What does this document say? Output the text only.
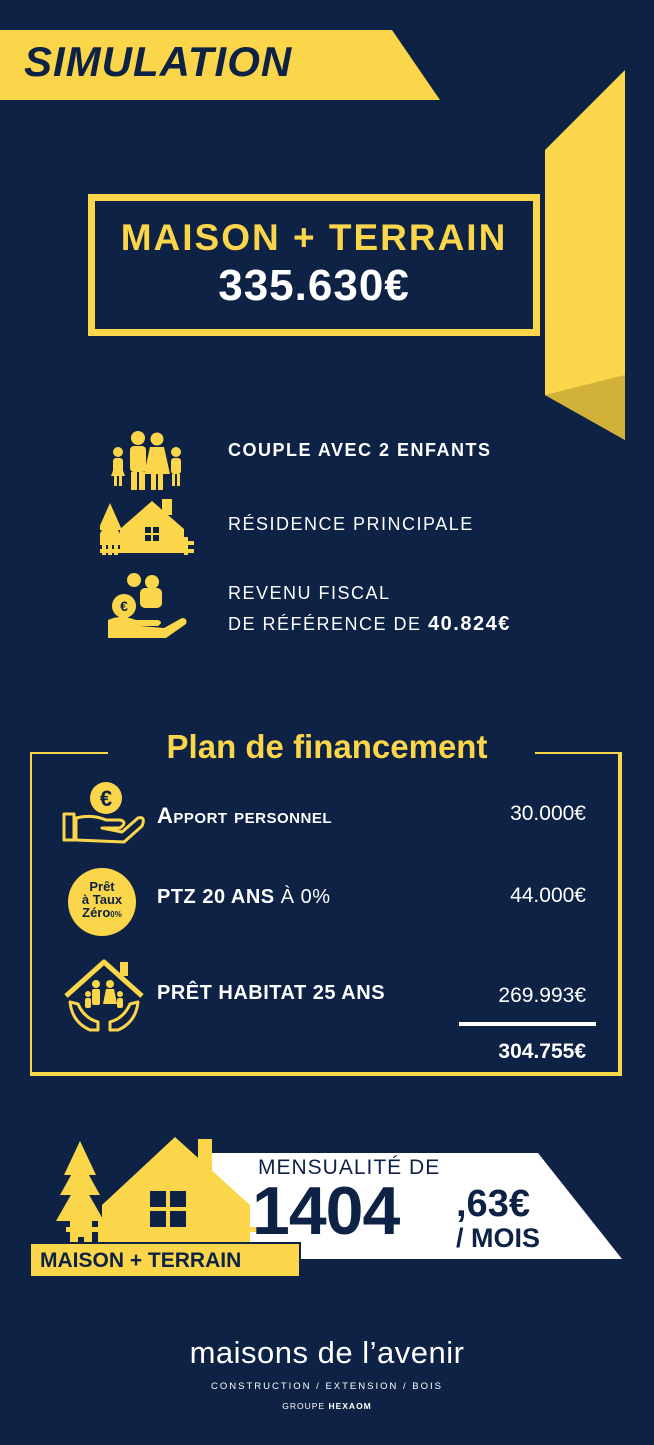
SIMULATION
MAISON + TERRAIN
335.630€
COUPLE AVEC 2 ENFANTS
RÉSIDENCE PRINCIPALE
€
REVENU FISCAL
DE RÉFÉRENCE DE 40.824€
Plan de financement
€
Apport personnel	30.000€
Prêt
à Taux
Zéro0%
PTZ 20 ANS À 0%	44.000€
PRÊT HABITAT 25 ANS	269.993€
304.755€
MENSUALITÉ DE
1404 ,63€
/ MOIS
MAISON + TERRAIN
maisons de l’avenir
CONSTRUCTION / EXTENSION / BOIS
GROUPE HEXAOM
